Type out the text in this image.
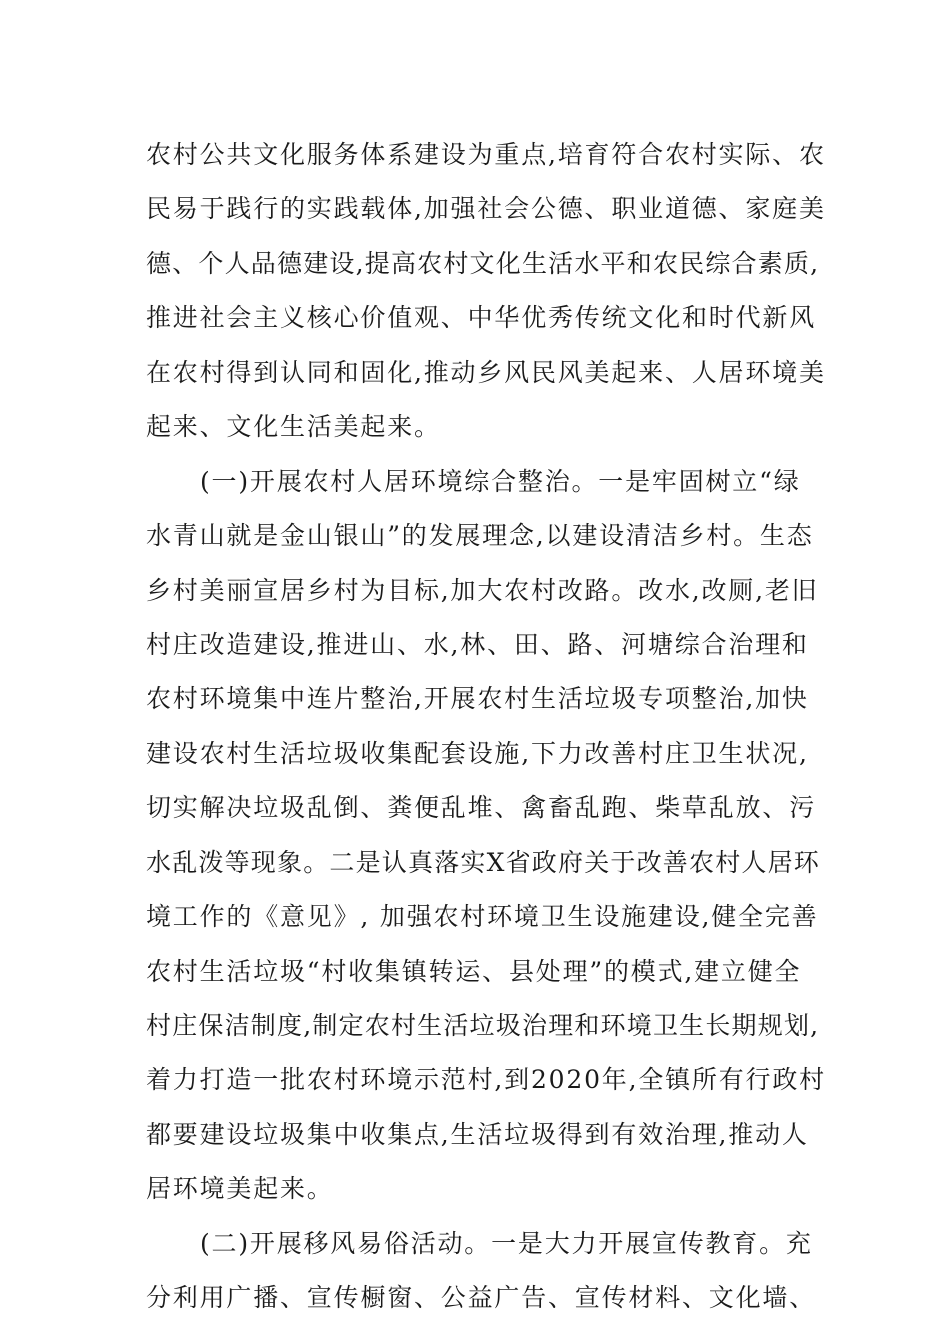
农村公共文化服务体系建设为重点,培育符合农村实际、农
民易于践行的实践载体,加强社会公德、职业道德、家庭美
德、个人品德建设,提高农村文化生活水平和农民综合素质,
推进社会主义核心价值观、中华优秀传统文化和时代新风
在农村得到认同和固化,推动乡风民风美起来、人居环境美
起来、文化生活美起来。
(一)开展农村人居环境综合整治。一是牢固树立“绿
水青山就是金山银山”的发展理念,以建设清洁乡村。生态
乡村美丽宣居乡村为目标,加大农村改路。改水,改厕,老旧
村庄改造建设,推进山、水,林、田、路、河塘综合治理和
农村环境集中连片整治,开展农村生活垃圾专项整治,加快
建设农村生活垃圾收集配套设施,下力改善村庄卫生状况,
切实解决垃圾乱倒、粪便乱堆、禽畜乱跑、柴草乱放、污
水乱泼等现象。二是认真落实X省政府关于改善农村人居环
境工作的《意见》, 加强农村环境卫生设施建设,健全完善
农村生活垃圾“村收集镇转运、县处理”的模式,建立健全
村庄保洁制度,制定农村生活垃圾治理和环境卫生长期规划,
着力打造一批农村环境示范村,到2020年,全镇所有行政村
都要建设垃圾集中收集点,生活垃圾得到有效治理,推动人
居环境美起来。
(二)开展移风易俗活动。一是大力开展宣传教育。充
分利用广播、宣传橱窗、公益广告、宣传材料、文化墙、
